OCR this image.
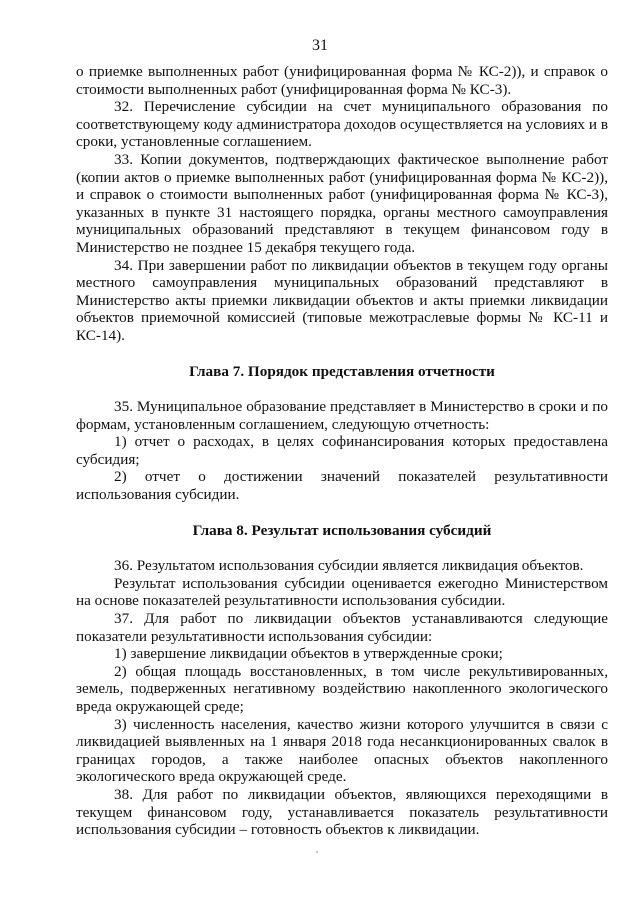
31

о приемке выполненных работ (унифицированная форма № КС-2)), и справок о стоимости выполненных работ (унифицированная форма № КС-3).

32. Перечисление субсидии на счет муниципального образования по соответствующему коду администратора доходов осуществляется на условиях и в сроки, установленные соглашением.

33. Копии документов, подтверждающих фактическое выполнение работ (копии актов о приемке выполненных работ (унифицированная форма № КС-2)), и справок о стоимости выполненных работ (унифицированная форма № КС-3), указанных в пункте 31 настоящего порядка, органы местного самоуправления муниципальных образований представляют в текущем финансовом году в Министерство не позднее 15 декабря текущего года.

34. При завершении работ по ликвидации объектов в текущем году органы местного самоуправления муниципальных образований представляют в Министерство акты приемки ликвидации объектов и акты приемки ликвидации объектов приемочной комиссией (типовые межотраслевые формы № КС-11 и КС-14).

Глава 7. Порядок представления отчетности

35. Муниципальное образование представляет в Министерство в сроки и по формам, установленным соглашением, следующую отчетность:

1) отчет о расходах, в целях софинансирования которых предоставлена субсидия;

2) отчет о достижении значений показателей результативности использования субсидии.

Глава 8. Результат использования субсидий

36. Результатом использования субсидии является ликвидация объектов.

Результат использования субсидии оценивается ежегодно Министерством на основе показателей результативности использования субсидии.

37. Для работ по ликвидации объектов устанавливаются следующие показатели результативности использования субсидии:

1) завершение ликвидации объектов в утвержденные сроки;

2) общая площадь восстановленных, в том числе рекультивированных, земель, подверженных негативному воздействию накопленного экологического вреда окружающей среде;

3) численность населения, качество жизни которого улучшится в связи с ликвидацией выявленных на 1 января 2018 года несанкционированных свалок в границах городов, а также наиболее опасных объектов накопленного экологического вреда окружающей среде.

38. Для работ по ликвидации объектов, являющихся переходящими в текущем финансовом году, устанавливается показатель результативности использования субсидии – готовность объектов к ликвидации.
